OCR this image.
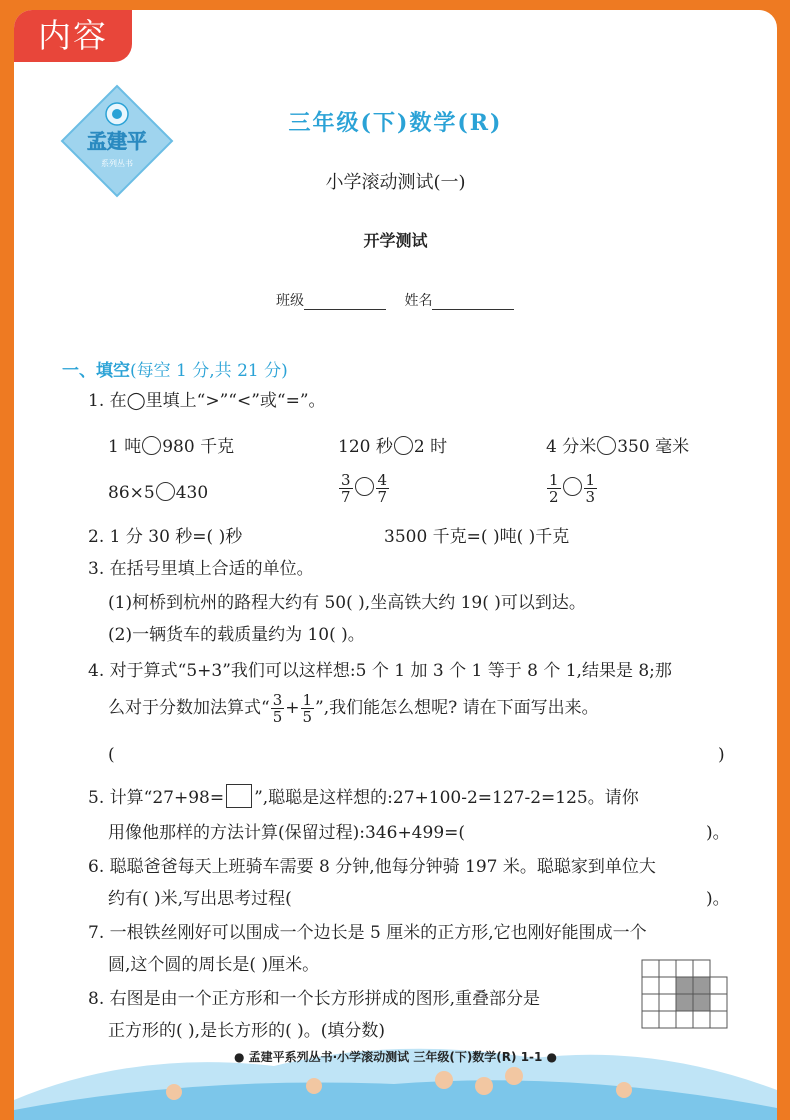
内容
孟建平
系列丛书
三年级(下)数学(R)
小学滚动测试(一)
开学测试
班级	姓名
一、填空(每空 1 分,共 21 分)
1. 在◯里填上“>”“<”或“=”。
1 吨 980 千克	120 秒 2 时	4 分米 350 毫米
86×5 430	$\frac{3}{7} \frac{4}{7}$	$\frac{1}{2} \frac{1}{3}$
2. 1 分 30 秒=( )秒	3500 千克=( )吨( )千克
3. 在括号里填上合适的单位。
(1)柯桥到杭州的路程大约有 50( ),坐高铁大约 19( )可以到达。
(2)一辆货车的载质量约为 10( )。
4. 对于算式“5+3”我们可以这样想:5 个 1 加 3 个 1 等于 8 个 1,结果是 8;那
么对于分数加法算式“ $\frac{3}{5} + \frac{1}{5}$ ”,我们能怎么想呢? 请在下面写出来。
(	)
5. 计算“27+98= ”,聪聪是这样想的:27+100-2=127-2=125。请你
用像他那样的方法计算(保留过程):346+499=(	)。
6. 聪聪爸爸每天上班骑车需要 8 分钟,他每分钟骑 197 米。聪聪家到单位大
约有( )米,写出思考过程(	)。
7. 一根铁丝刚好可以围成一个边长是 5 厘米的正方形,它也刚好能围成一个
圆,这个圆的周长是( )厘米。
8. 右图是由一个正方形和一个长方形拼成的图形,重叠部分是
正方形的( ),是长方形的( )。(填分数)
● 孟建平系列丛书·小学滚动测试 三年级(下)数学(R) 1-1 ●
